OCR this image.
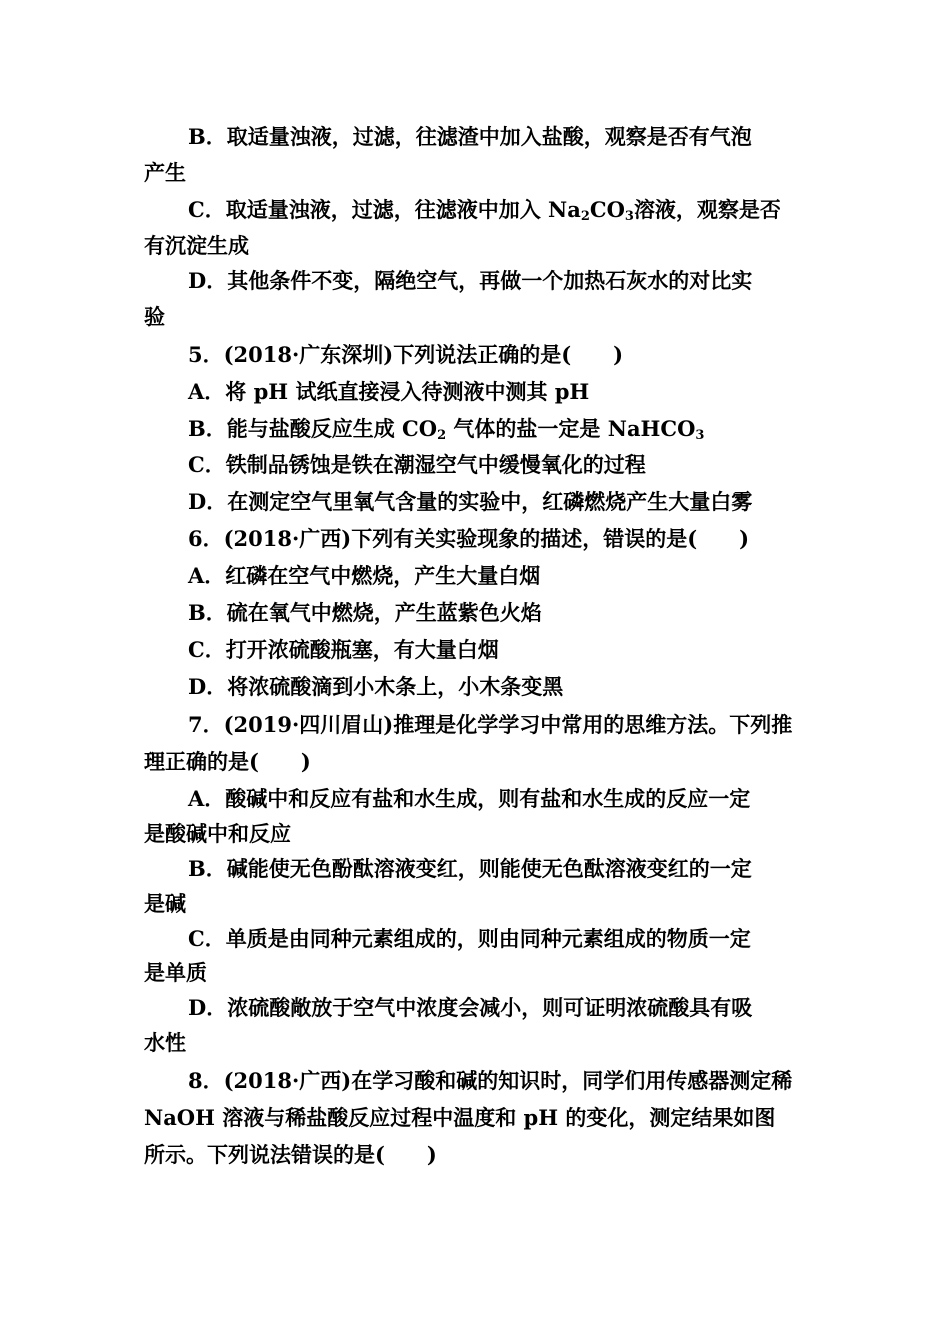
B．取适量浊液，过滤，往滤渣中加入盐酸，观察是否有气泡
产生
C．取适量浊液，过滤，往滤液中加入 $Na_2CO_3$溶液，观察是否
有沉淀生成
D．其他条件不变，隔绝空气，再做一个加热石灰水的对比实
验
5．(2018·广东深圳)下列说法正确的是(　　)
A．将 pH 试纸直接浸入待测液中测其 pH
B．能与盐酸反应生成 $CO_2$ 气体的盐一定是 NaHCO$_3$
C．铁制品锈蚀是铁在潮湿空气中缓慢氧化的过程
D．在测定空气里氧气含量的实验中，红磷燃烧产生大量白雾
6．(2018·广西)下列有关实验现象的描述，错误的是(　　)
A．红磷在空气中燃烧，产生大量白烟
B．硫在氧气中燃烧，产生蓝紫色火焰
C．打开浓硫酸瓶塞，有大量白烟
D．将浓硫酸滴到小木条上，小木条变黑
7．(2019·四川眉山)推理是化学学习中常用的思维方法。下列推
理正确的是(　　)
A．酸碱中和反应有盐和水生成，则有盐和水生成的反应一定
是酸碱中和反应
B．碱能使无色酚酞溶液变红，则能使无色酞溶液变红的一定
是碱
C．单质是由同种元素组成的，则由同种元素组成的物质一定
是单质
D．浓硫酸敞放于空气中浓度会减小，则可证明浓硫酸具有吸
水性
8．(2018·广西)在学习酸和碱的知识时，同学们用传感器测定稀
NaOH 溶液与稀盐酸反应过程中温度和 pH 的变化，测定结果如图
所示。下列说法错误的是(　　)
